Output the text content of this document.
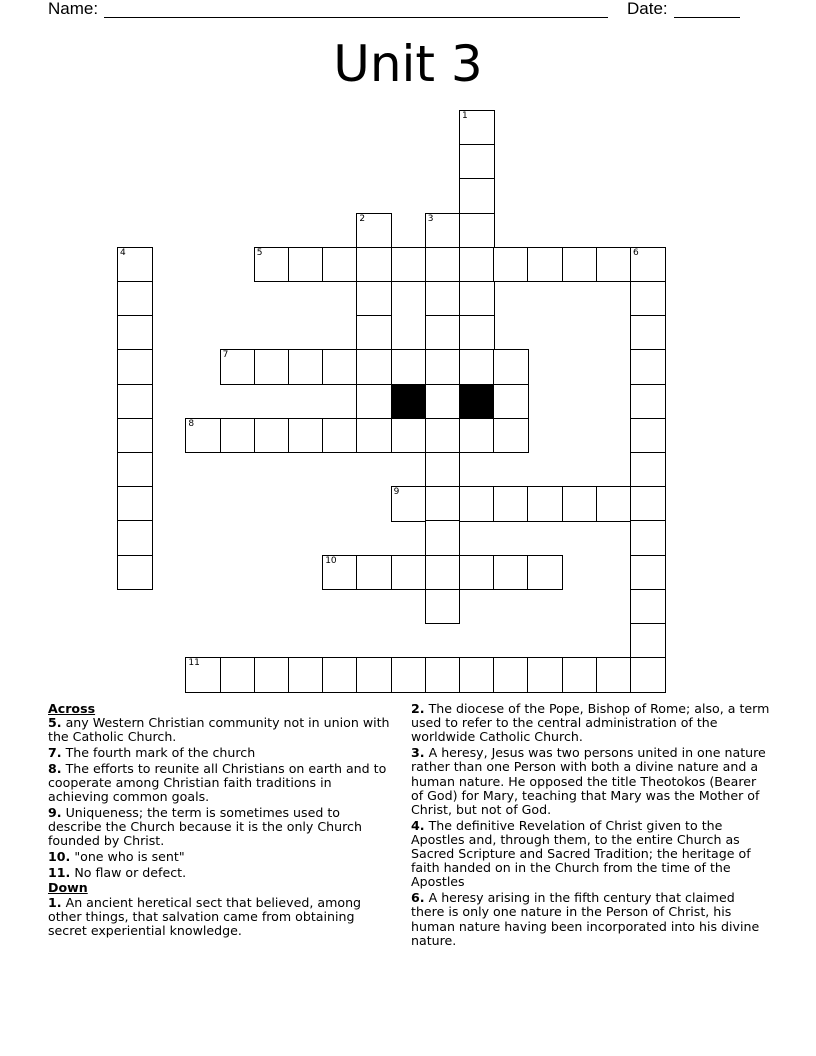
Name:	Date:
Unit 3
1
2	3
4	5	6
7
8
9
10
11

Across

5. any Western Christian community not in union with the Catholic Church.
7. The fourth mark of the church
8. The efforts to reunite all Christians on earth and to cooperate among Christian faith traditions in achieving common goals.
9. Uniqueness; the term is sometimes used to describe the Church because it is the only Church founded by Christ.
10. "one who is sent"
11. No flaw or defect.

Down

1. An ancient heretical sect that believed, among other things, that salvation came from obtaining secret experiential knowledge.
2. The diocese of the Pope, Bishop of Rome; also, a term used to refer to the central administration of the worldwide Catholic Church.
3. A heresy, Jesus was two persons united in one nature rather than one Person with both a divine nature and a human nature. He opposed the title Theotokos (Bearer of God) for Mary, teaching that Mary was the Mother of Christ, but not of God.
4. The definitive Revelation of Christ given to the Apostles and, through them, to the entire Church as Sacred Scripture and Sacred Tradition; the heritage of faith handed on in the Church from the time of the Apostles
6. A heresy arising in the fifth century that claimed there is only one nature in the Person of Christ, his human nature having been incorporated into his divine nature.
